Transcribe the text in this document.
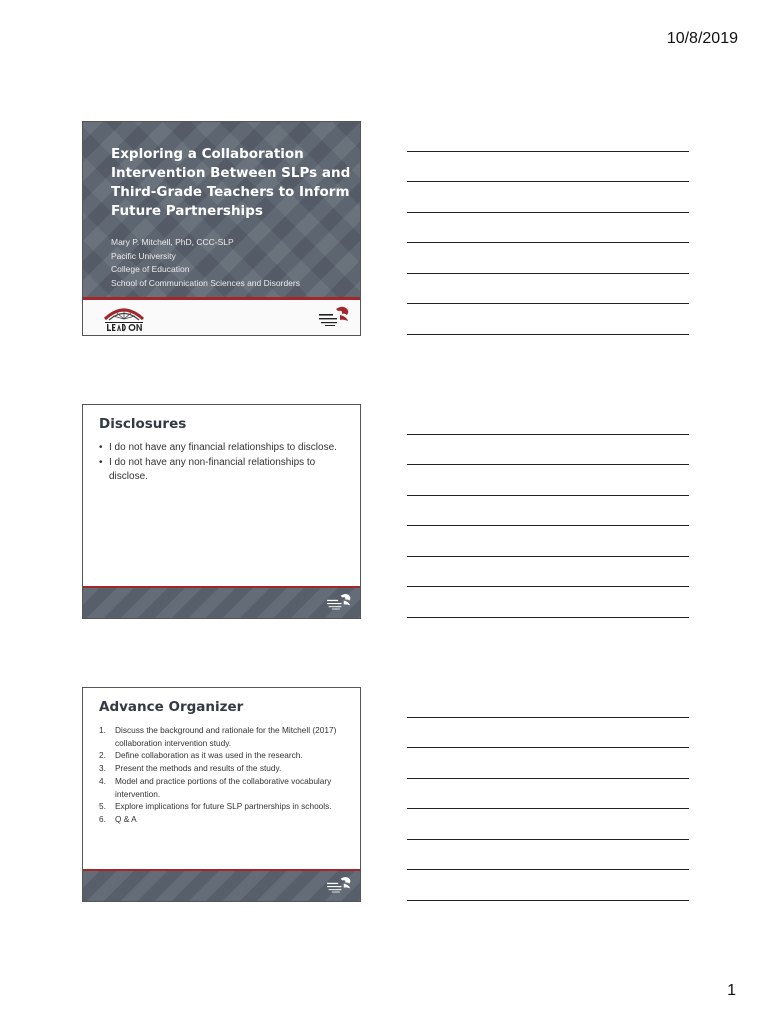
10/8/2019
Exploring a Collaboration Intervention Between SLPs and Third-Grade Teachers to Inform Future Partnerships
Mary P. Mitchell, PhD, CCC-SLP
Pacific University
College of Education
School of Communication Sciences and Disorders
Disclosures
• I do not have any financial relationships to disclose.
• I do not have any non-financial relationships to disclose.
Advance Organizer
1. Discuss the background and rationale for the Mitchell (2017) collaboration intervention study.
2. Define collaboration as it was used in the research.
3. Present the methods and results of the study.
4. Model and practice portions of the collaborative vocabulary intervention.
5. Explore implications for future SLP partnerships in schools.
6. Q & A
1
